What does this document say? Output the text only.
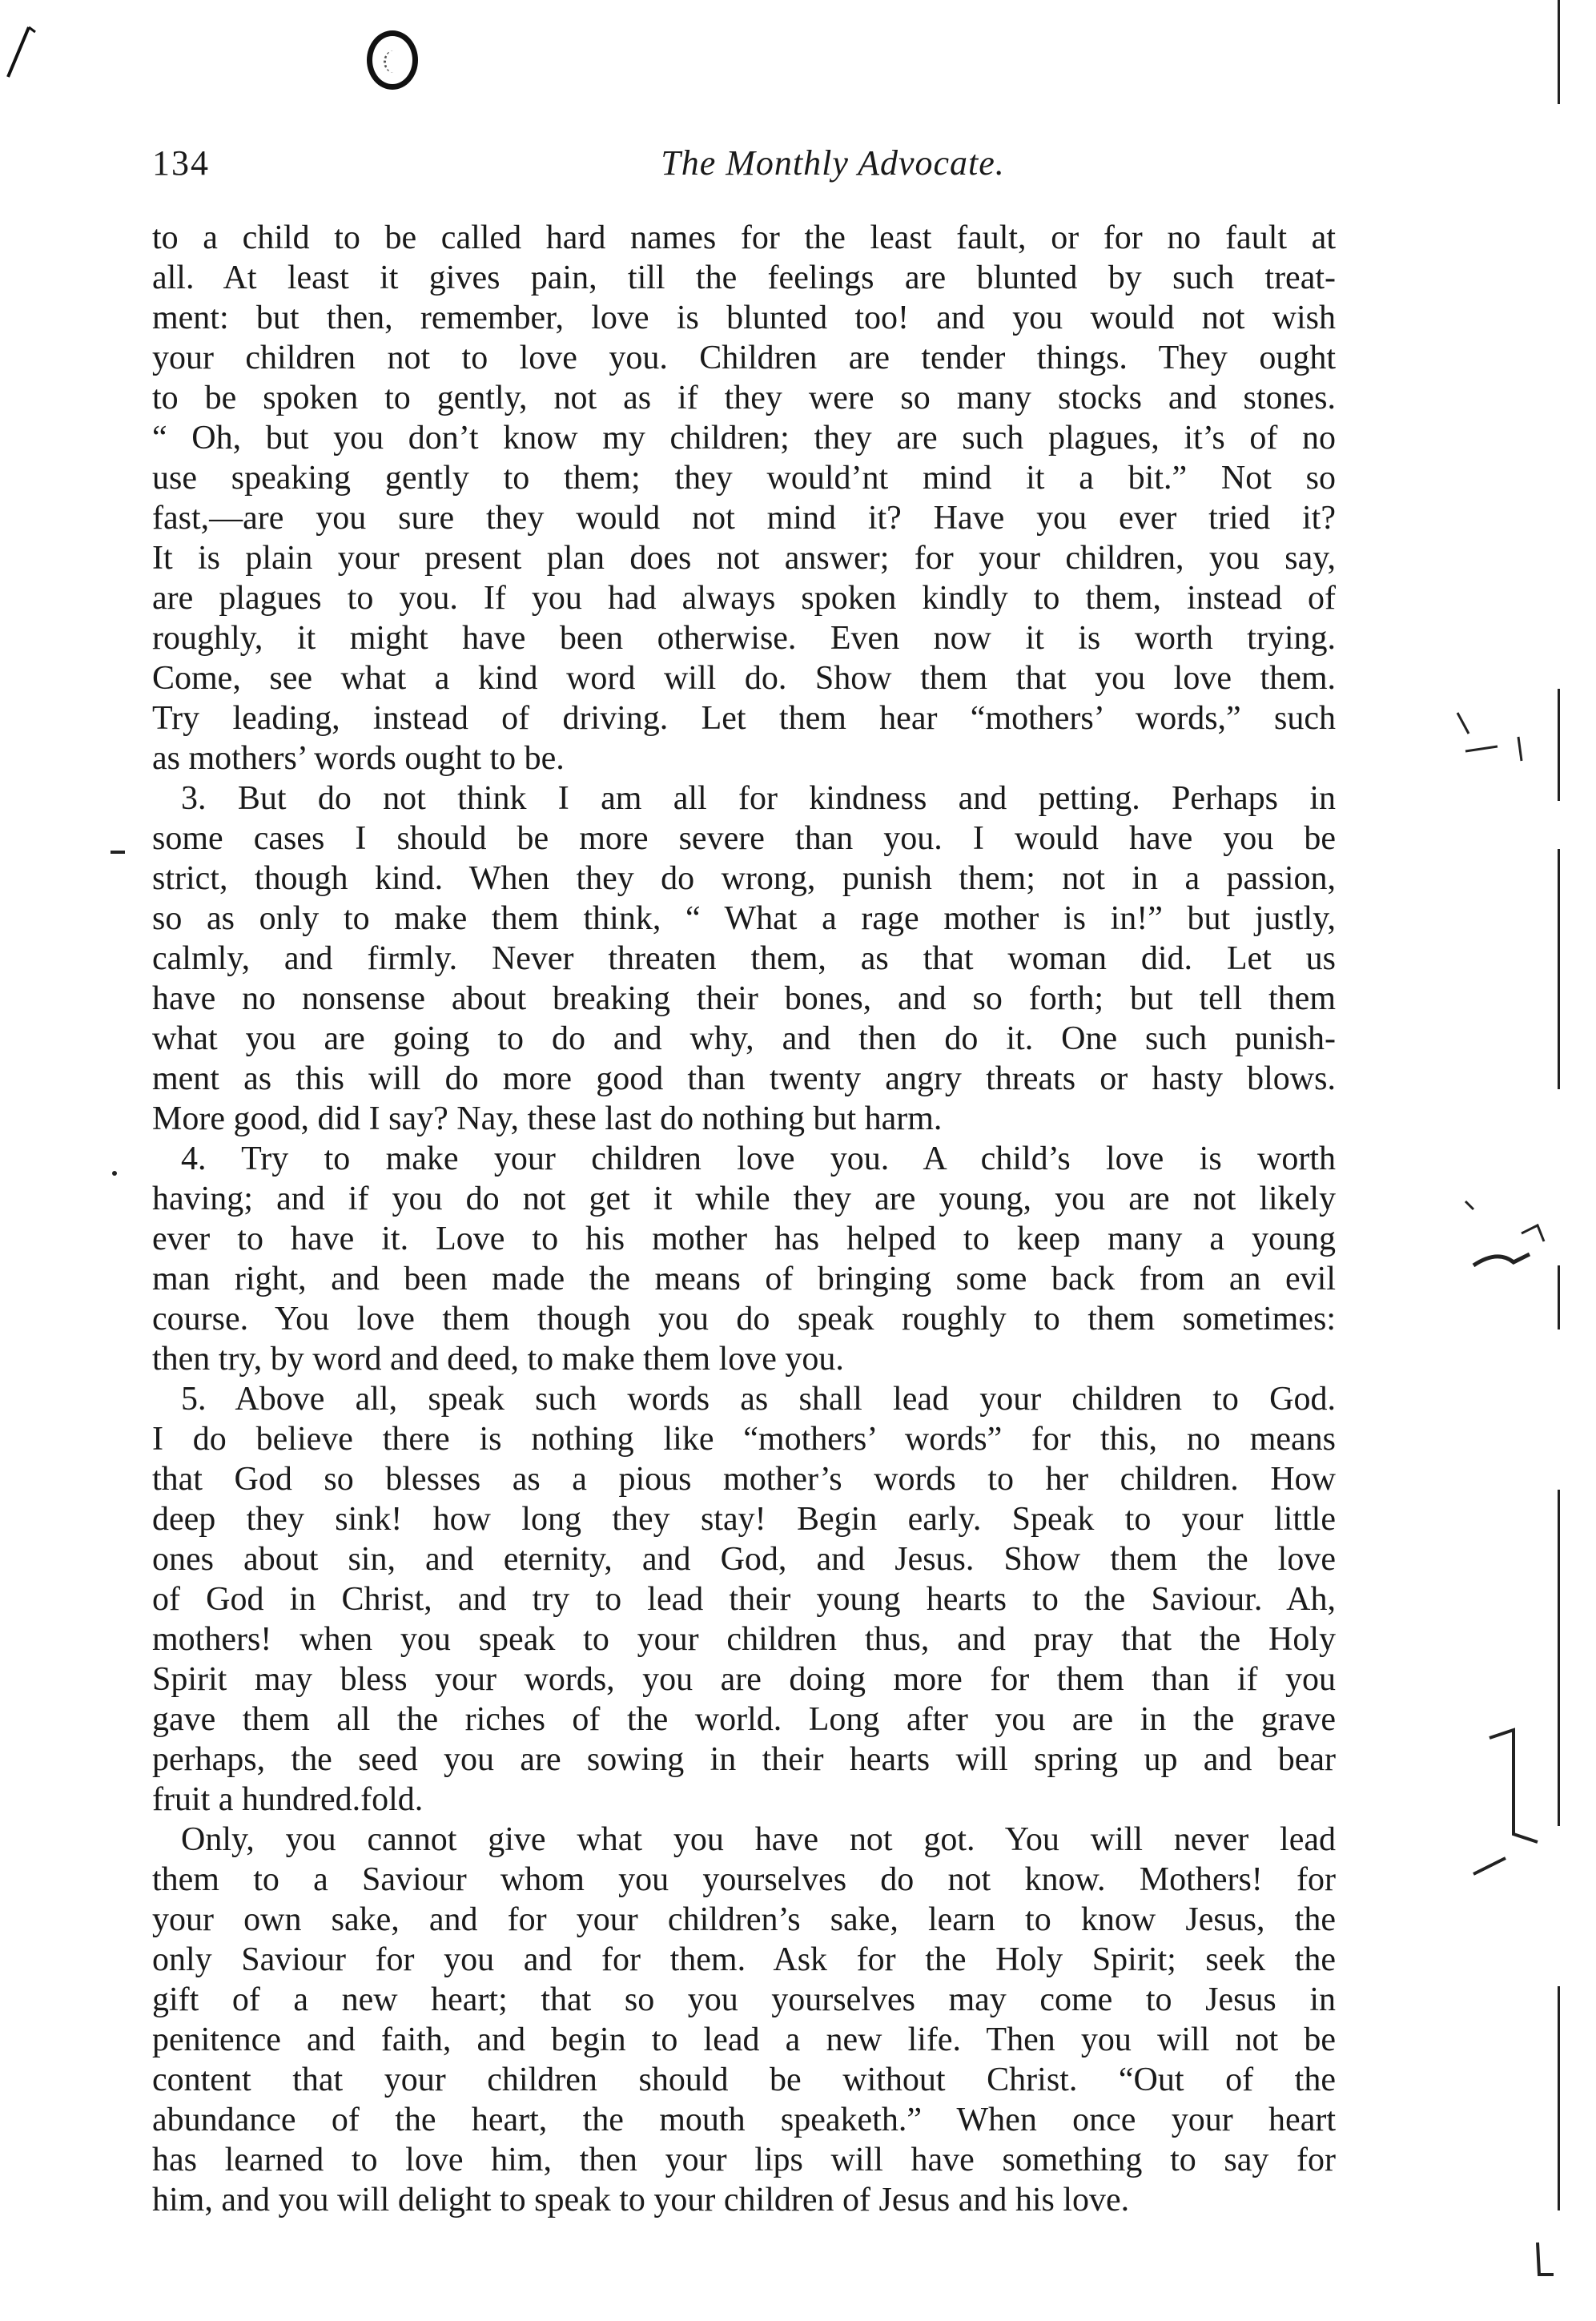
134	The Monthly Advocate.
to a child to be called hard names for the least fault, or for no fault at
all. At least it gives pain, till the feelings are blunted by such treat-
ment: but then, remember, love is blunted too! and you would not wish
your children not to love you. Children are tender things. They ought
to be spoken to gently, not as if they were so many stocks and stones.
“ Oh, but you don’t know my children; they are such plagues, it’s of no
use speaking gently to them; they would’nt mind it a bit.” Not so
fast,—are you sure they would not mind it? Have you ever tried it?
It is plain your present plan does not answer; for your children, you say,
are plagues to you. If you had always spoken kindly to them, instead of
roughly, it might have been otherwise. Even now it is worth trying.
Come, see what a kind word will do. Show them that you love them.
Try leading, instead of driving. Let them hear “mothers’ words,” such
as mothers’ words ought to be.
3. But do not think I am all for kindness and petting. Perhaps in
some cases I should be more severe than you. I would have you be
strict, though kind. When they do wrong, punish them; not in a passion,
so as only to make them think, “ What a rage mother is in!” but justly,
calmly, and firmly. Never threaten them, as that woman did. Let us
have no nonsense about breaking their bones, and so forth; but tell them
what you are going to do and why, and then do it. One such punish-
ment as this will do more good than twenty angry threats or hasty blows.
More good, did I say? Nay, these last do nothing but harm.
4. Try to make your children love you. A child’s love is worth
having; and if you do not get it while they are young, you are not likely
ever to have it. Love to his mother has helped to keep many a young
man right, and been made the means of bringing some back from an evil
course. You love them though you do speak roughly to them sometimes:
then try, by word and deed, to make them love you.
5. Above all, speak such words as shall lead your children to God.
I do believe there is nothing like “mothers’ words” for this, no means
that God so blesses as a pious mother’s words to her children. How
deep they sink! how long they stay! Begin early. Speak to your little
ones about sin, and eternity, and God, and Jesus. Show them the love
of God in Christ, and try to lead their young hearts to the Saviour. Ah,
mothers! when you speak to your children thus, and pray that the Holy
Spirit may bless your words, you are doing more for them than if you
gave them all the riches of the world. Long after you are in the grave
perhaps, the seed you are sowing in their hearts will spring up and bear
fruit a hundred.fold.
Only, you cannot give what you have not got. You will never lead
them to a Saviour whom you yourselves do not know. Mothers! for
your own sake, and for your children’s sake, learn to know Jesus, the
only Saviour for you and for them. Ask for the Holy Spirit; seek the
gift of a new heart; that so you yourselves may come to Jesus in
penitence and faith, and begin to lead a new life. Then you will not be
content that your children should be without Christ. “Out of the
abundance of the heart, the mouth speaketh.” When once your heart
has learned to love him, then your lips will have something to say for
him, and you will delight to speak to your children of Jesus and his love.
